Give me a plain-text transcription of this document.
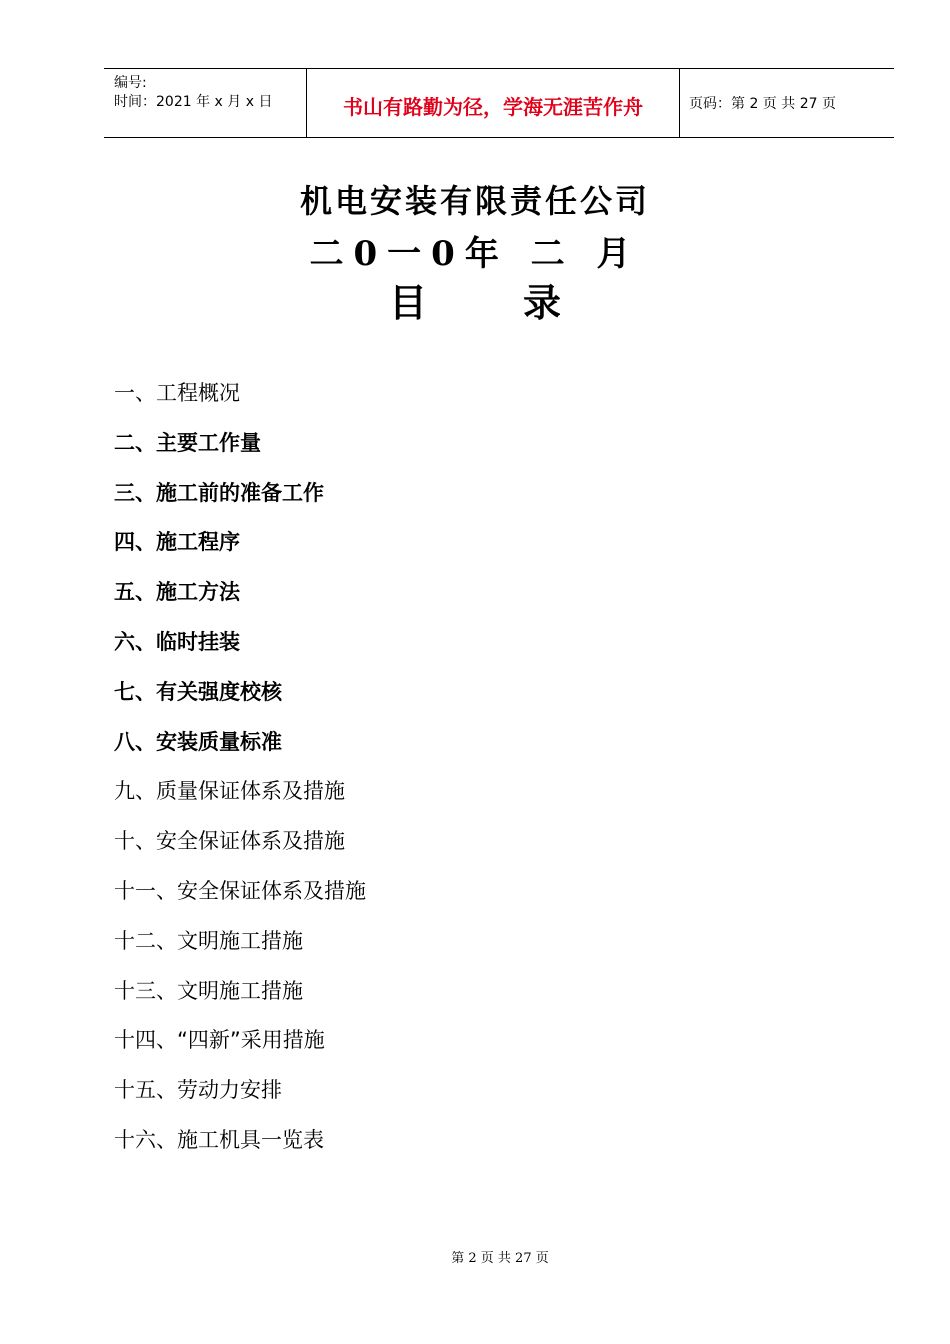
编号:
时间：2021 年 x 月 x 日	书山有路勤为径，学海无涯苦作舟	页码：第 2 页 共 27 页
机电安装有限责任公司
二0一0年 二 月
目录
一、工程概况
二、主要工作量
三、施工前的准备工作
四、施工程序
五、施工方法
六、临时挂装
七、有关强度校核
八、安装质量标准
九、质量保证体系及措施
十、安全保证体系及措施
十一、安全保证体系及措施
十二、文明施工措施
十三、文明施工措施
十四、“四新”采用措施
十五、劳动力安排
十六、施工机具一览表
第 2 页 共 27 页
